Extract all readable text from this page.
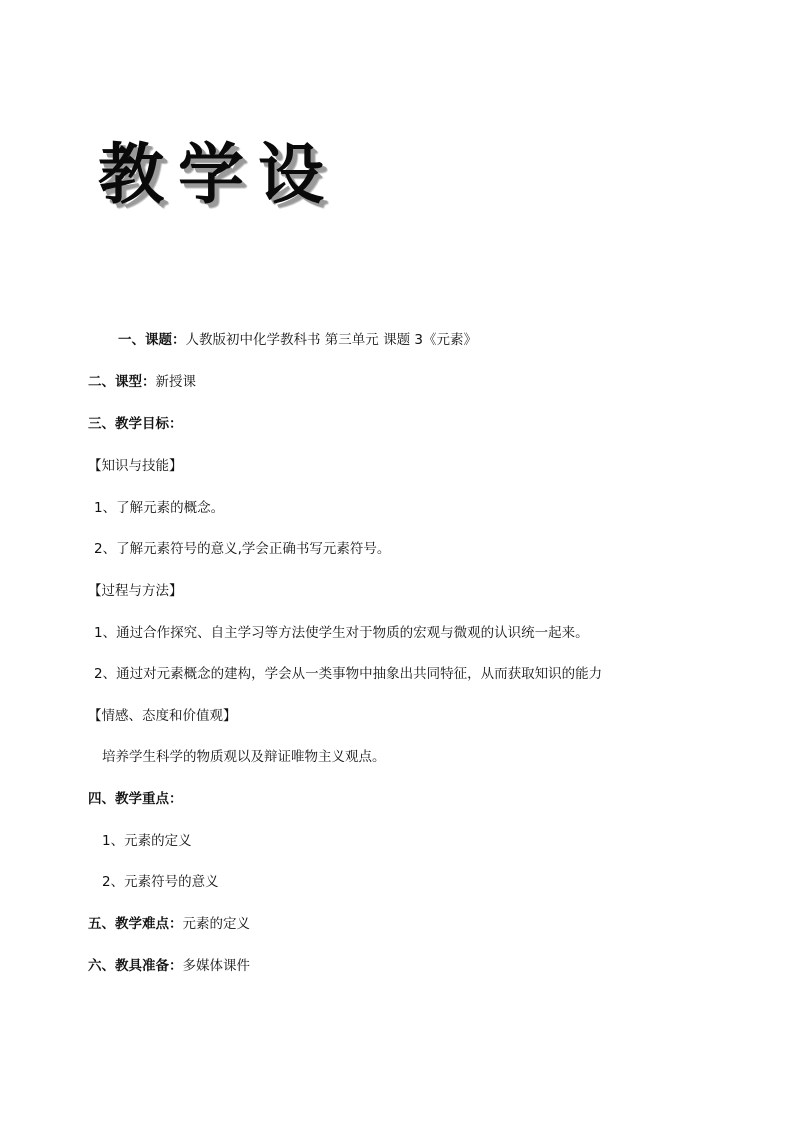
教学设
一、课题：人教版初中化学教科书 第三单元 课题 3《元素》
二、课型：新授课
三、教学目标：
【知识与技能】
1、了解元素的概念。
2、了解元素符号的意义,学会正确书写元素符号。
【过程与方法】
1、通过合作探究、自主学习等方法使学生对于物质的宏观与微观的认识统一起来。
2、通过对元素概念的建构，学会从一类事物中抽象出共同特征，从而获取知识的能力
【情感、态度和价值观】
培养学生科学的物质观以及辩证唯物主义观点。
四、教学重点：
1、元素的定义
2、元素符号的意义
五、教学难点：元素的定义
六、教具准备：多媒体课件
